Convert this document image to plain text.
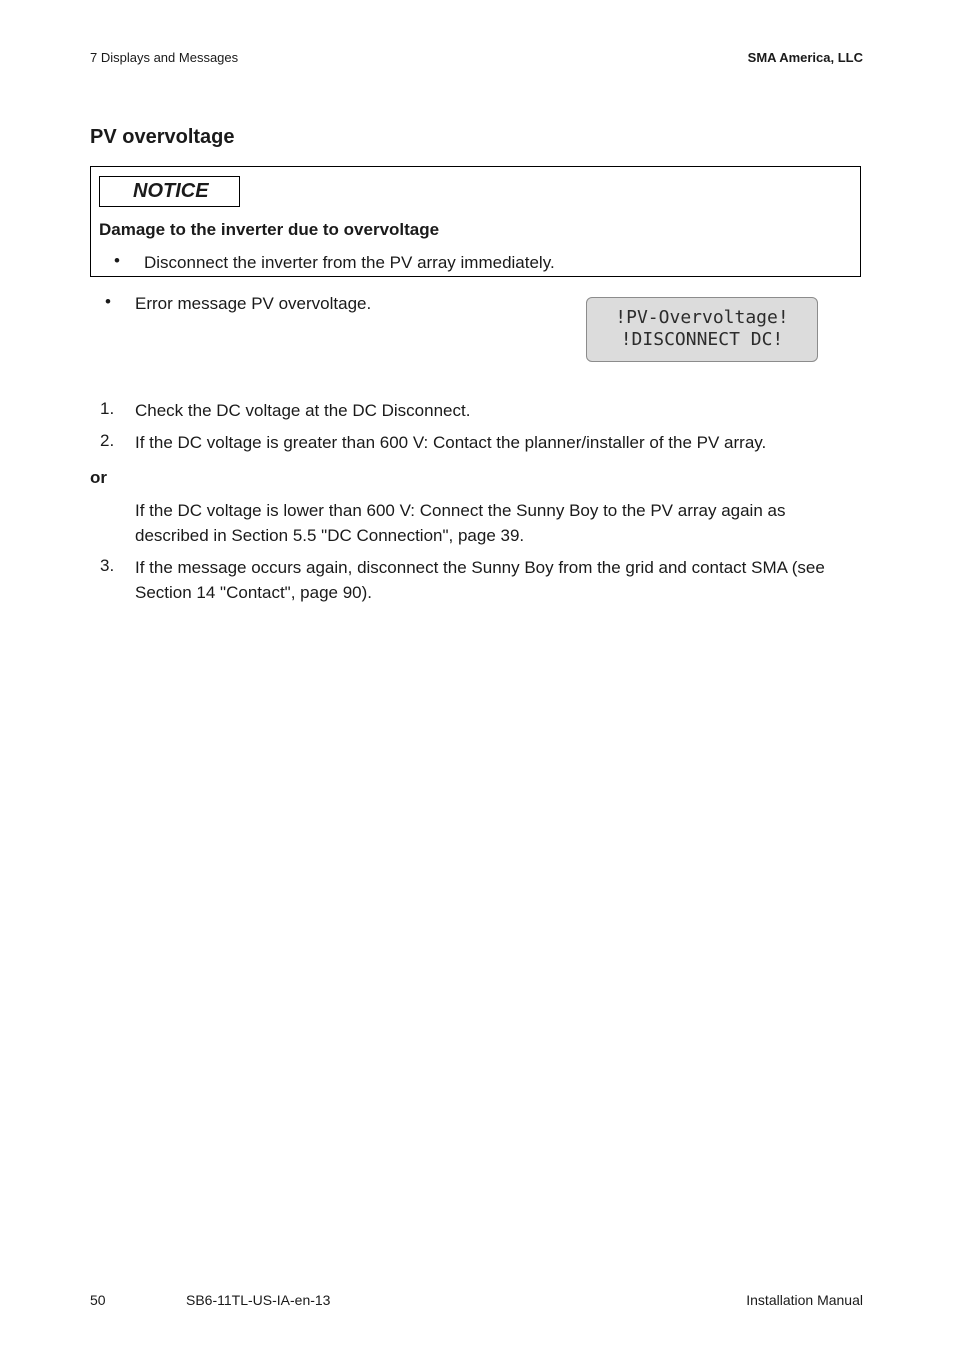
7 Displays and Messages	SMA America, LLC
PV overvoltage
NOTICE
Damage to the inverter due to overvoltage
• Disconnect the inverter from the PV array immediately.
• Error message PV overvoltage.
!PV-Overvoltage!
!DISCONNECT DC!
1. Check the DC voltage at the DC Disconnect.
2. If the DC voltage is greater than 600 V: Contact the planner/installer of the PV array.
or
If the DC voltage is lower than 600 V: Connect the Sunny Boy to the PV array again as described in Section 5.5 "DC Connection", page 39.
3. If the message occurs again, disconnect the Sunny Boy from the grid and contact SMA (see Section 14 "Contact", page 90).
50	SB6-11TL-US-IA-en-13	Installation Manual
